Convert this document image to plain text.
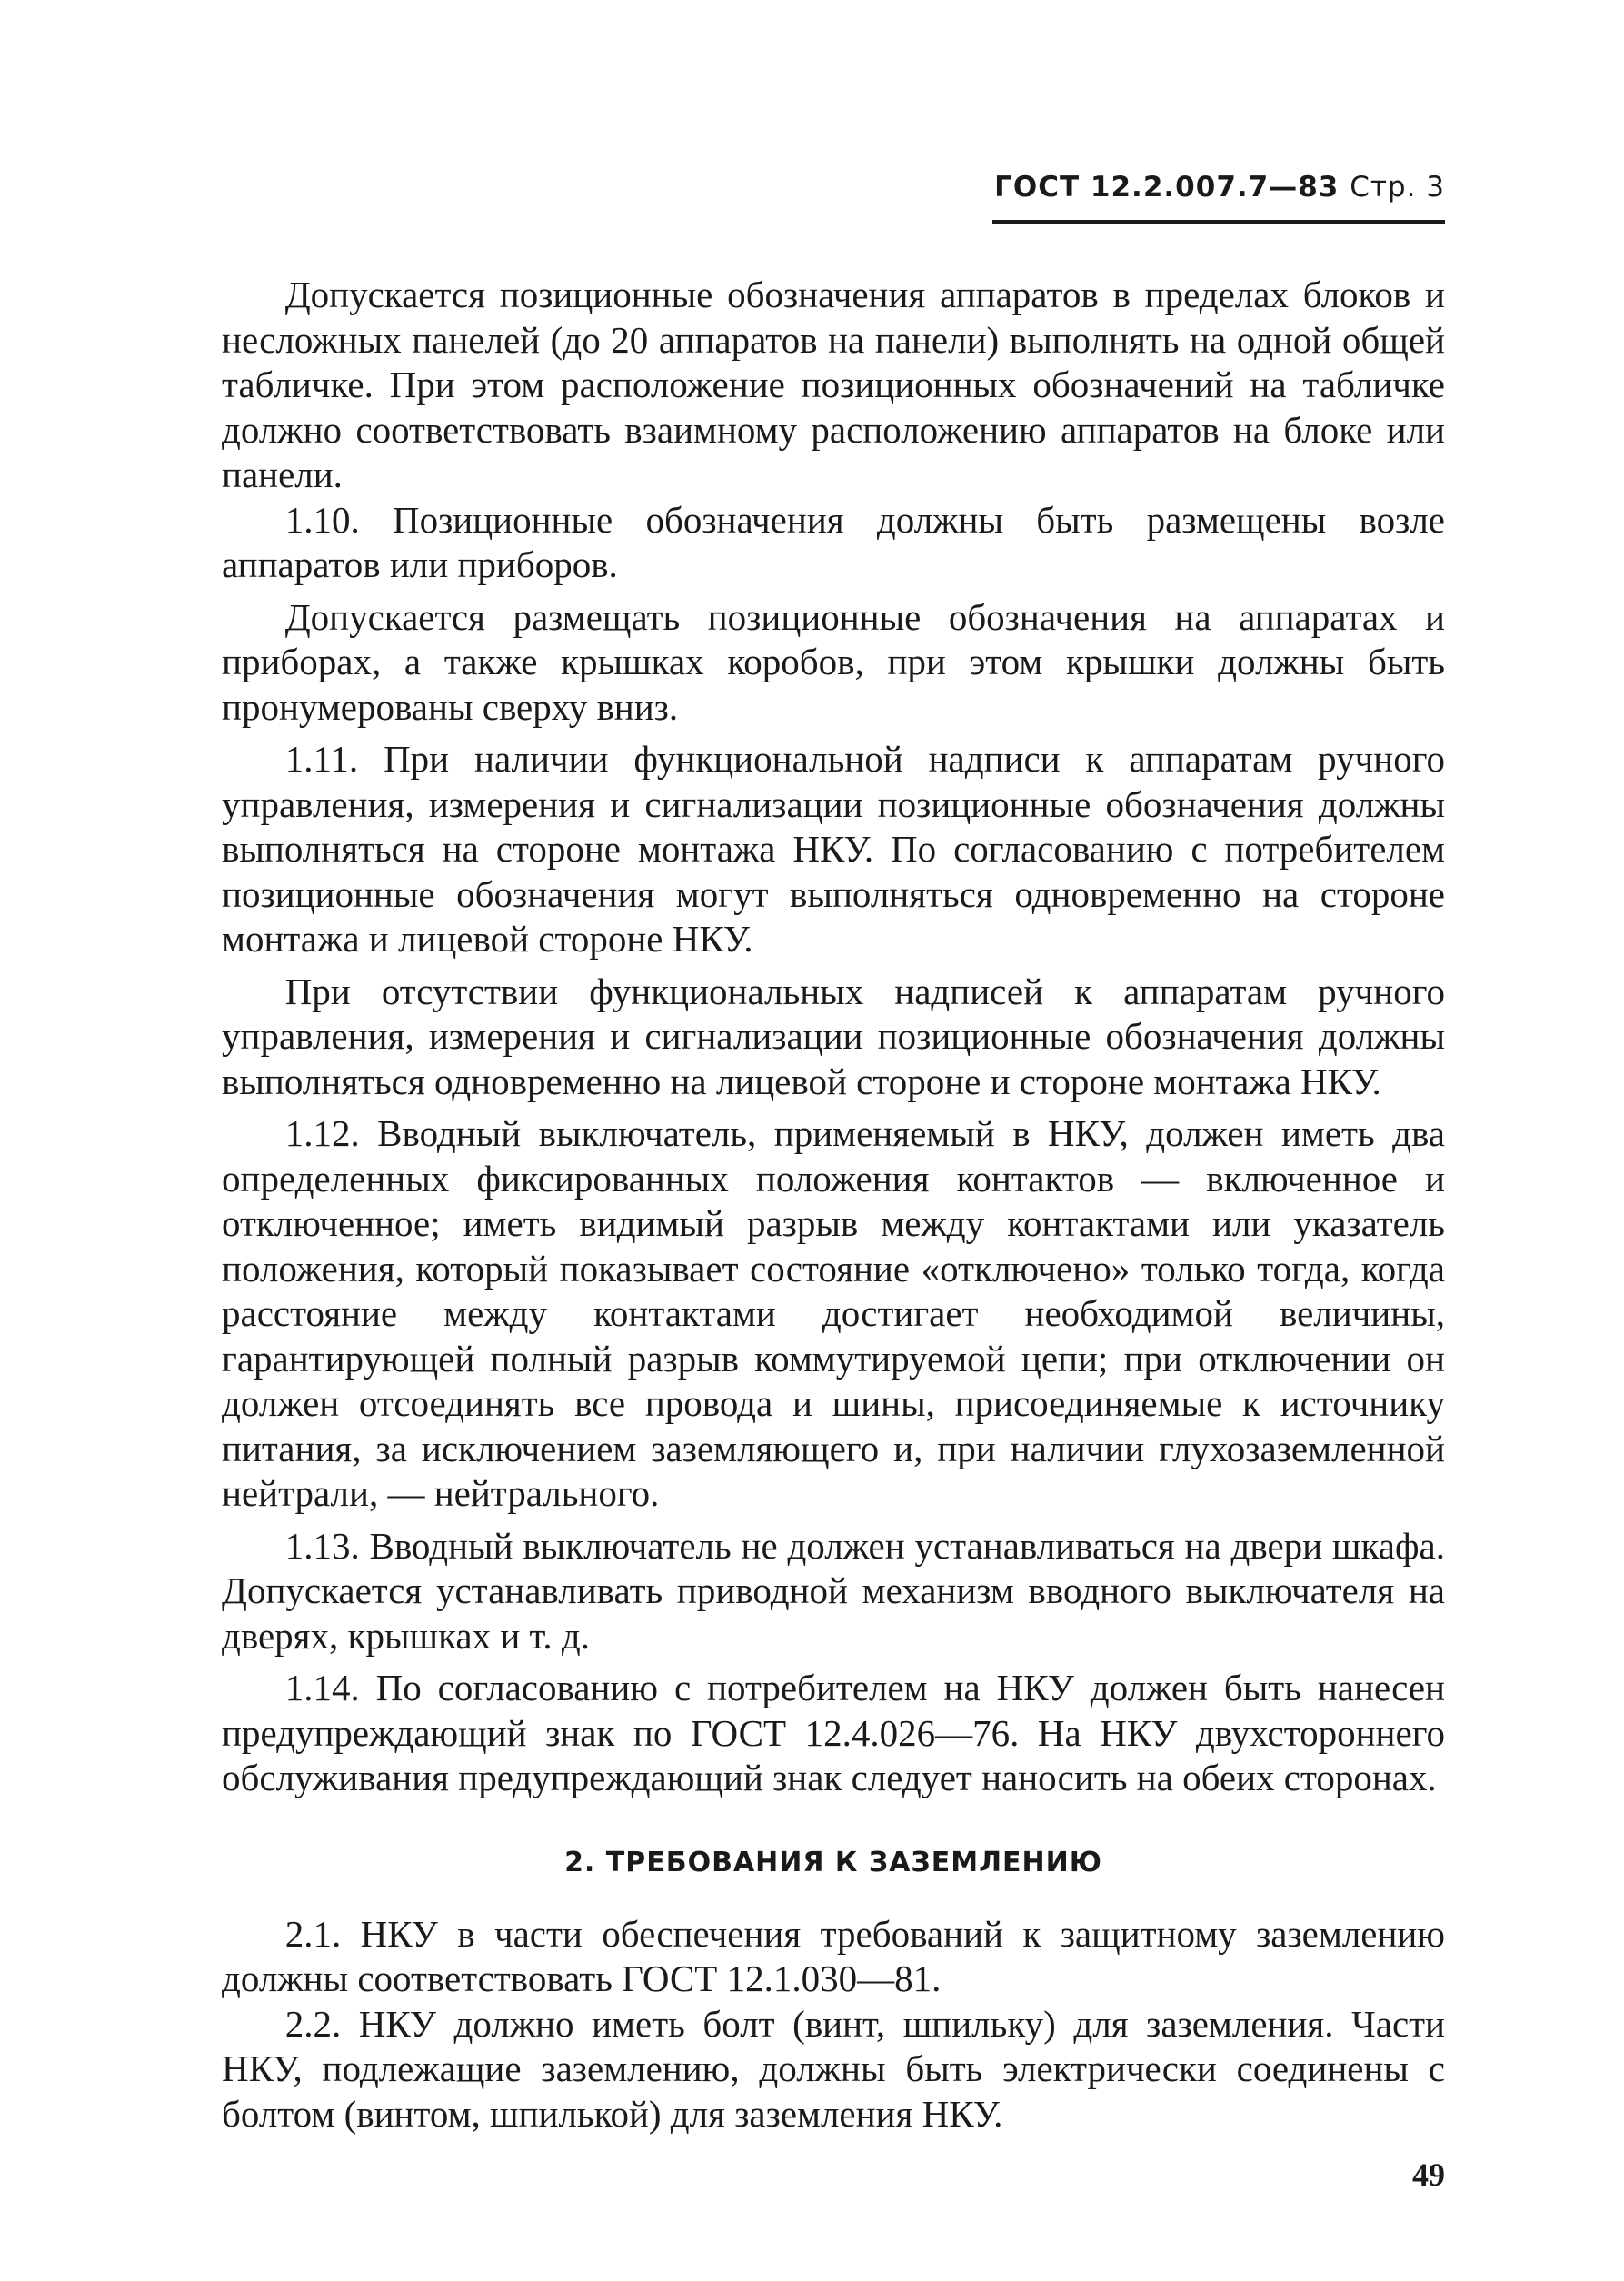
ГОСТ 12.2.007.7—83 Стр. 3

Допускается позиционные обозначения аппаратов в пределах блоков и несложных панелей (до 20 аппаратов на панели) выполнять на одной общей табличке. При этом расположение позиционных обозначений на табличке должно соответствовать взаимному расположению аппаратов на блоке или панели.

1.10. Позиционные обозначения должны быть размещены возле аппаратов или приборов.

Допускается размещать позиционные обозначения на аппаратах и приборах, а также крышках коробов, при этом крышки должны быть пронумерованы сверху вниз.

1.11. При наличии функциональной надписи к аппаратам ручного управления, измерения и сигнализации позиционные обозначения должны выполняться на стороне монтажа НКУ. По согласованию с потребителем позиционные обозначения могут выполняться одновременно на стороне монтажа и лицевой стороне НКУ.

При отсутствии функциональных надписей к аппаратам ручного управления, измерения и сигнализации позиционные обозначения должны выполняться одновременно на лицевой стороне и стороне монтажа НКУ.

1.12. Вводный выключатель, применяемый в НКУ, должен иметь два определенных фиксированных положения контактов — включенное и отключенное; иметь видимый разрыв между контактами или указатель положения, который показывает состояние «отключено» только тогда, когда расстояние между контактами достигает необходимой величины, гарантирующей полный разрыв коммутируемой цепи; при отключении он должен отсоединять все провода и шины, присоединяемые к источнику питания, за исключением заземляющего и, при наличии глухозаземленной нейтрали, — нейтрального.

1.13. Вводный выключатель не должен устанавливаться на двери шкафа. Допускается устанавливать приводной механизм вводного выключателя на дверях, крышках и т. д.

1.14. По согласованию с потребителем на НКУ должен быть нанесен предупреждающий знак по ГОСТ 12.4.026—76. На НКУ двухстороннего обслуживания предупреждающий знак следует наносить на обеих сторонах.

2. ТРЕБОВАНИЯ К ЗАЗЕМЛЕНИЮ

2.1. НКУ в части обеспечения требований к защитному заземлению должны соответствовать ГОСТ 12.1.030—81.

2.2. НКУ должно иметь болт (винт, шпильку) для заземления. Части НКУ, подлежащие заземлению, должны быть электрически соединены с болтом (винтом, шпилькой) для заземления НКУ.

49
